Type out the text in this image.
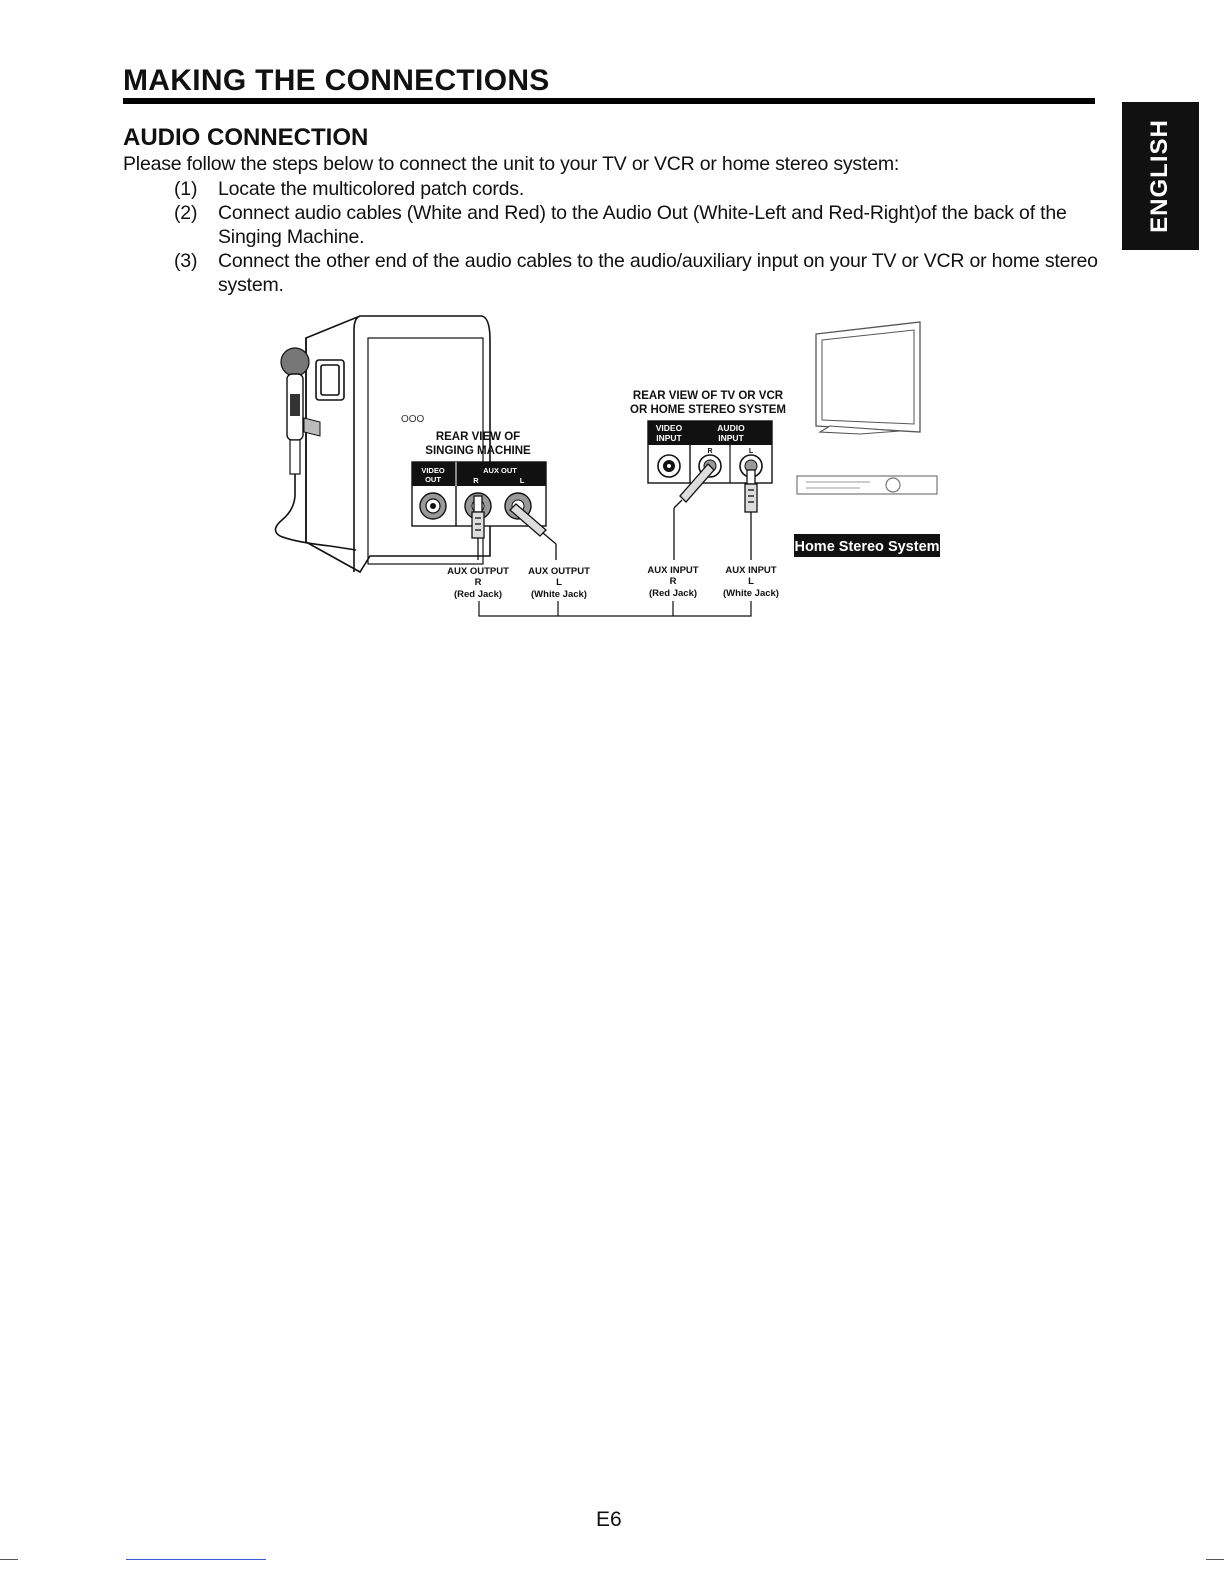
MAKING THE CONNECTIONS
ENGLISH
AUDIO CONNECTION

Please follow the steps below to connect the unit to your TV or VCR or home stereo system:

(1) Locate the multicolored patch cords.
(2) Connect audio cables (White and Red) to the Audio Out (White-Left and Red-Right)of the back of the Singing Machine.
(3) Connect the other end of the audio cables to the audio/auxiliary input on your TV or VCR or home stereo system.
OOO
REAR VIEW OF
SINGING MACHINE
VIDEO
OUT
AUX OUT
R	L
AUX OUTPUT
R
(Red Jack)
AUX OUTPUT
L
(White Jack)
REAR VIEW OF TV OR VCR
OR HOME STEREO SYSTEM
VIDEO
INPUT
AUDIO
INPUT
R	L
AUX INPUT
R
(Red Jack)
AUX INPUT
L
(White Jack)
Home Stereo System
E6
